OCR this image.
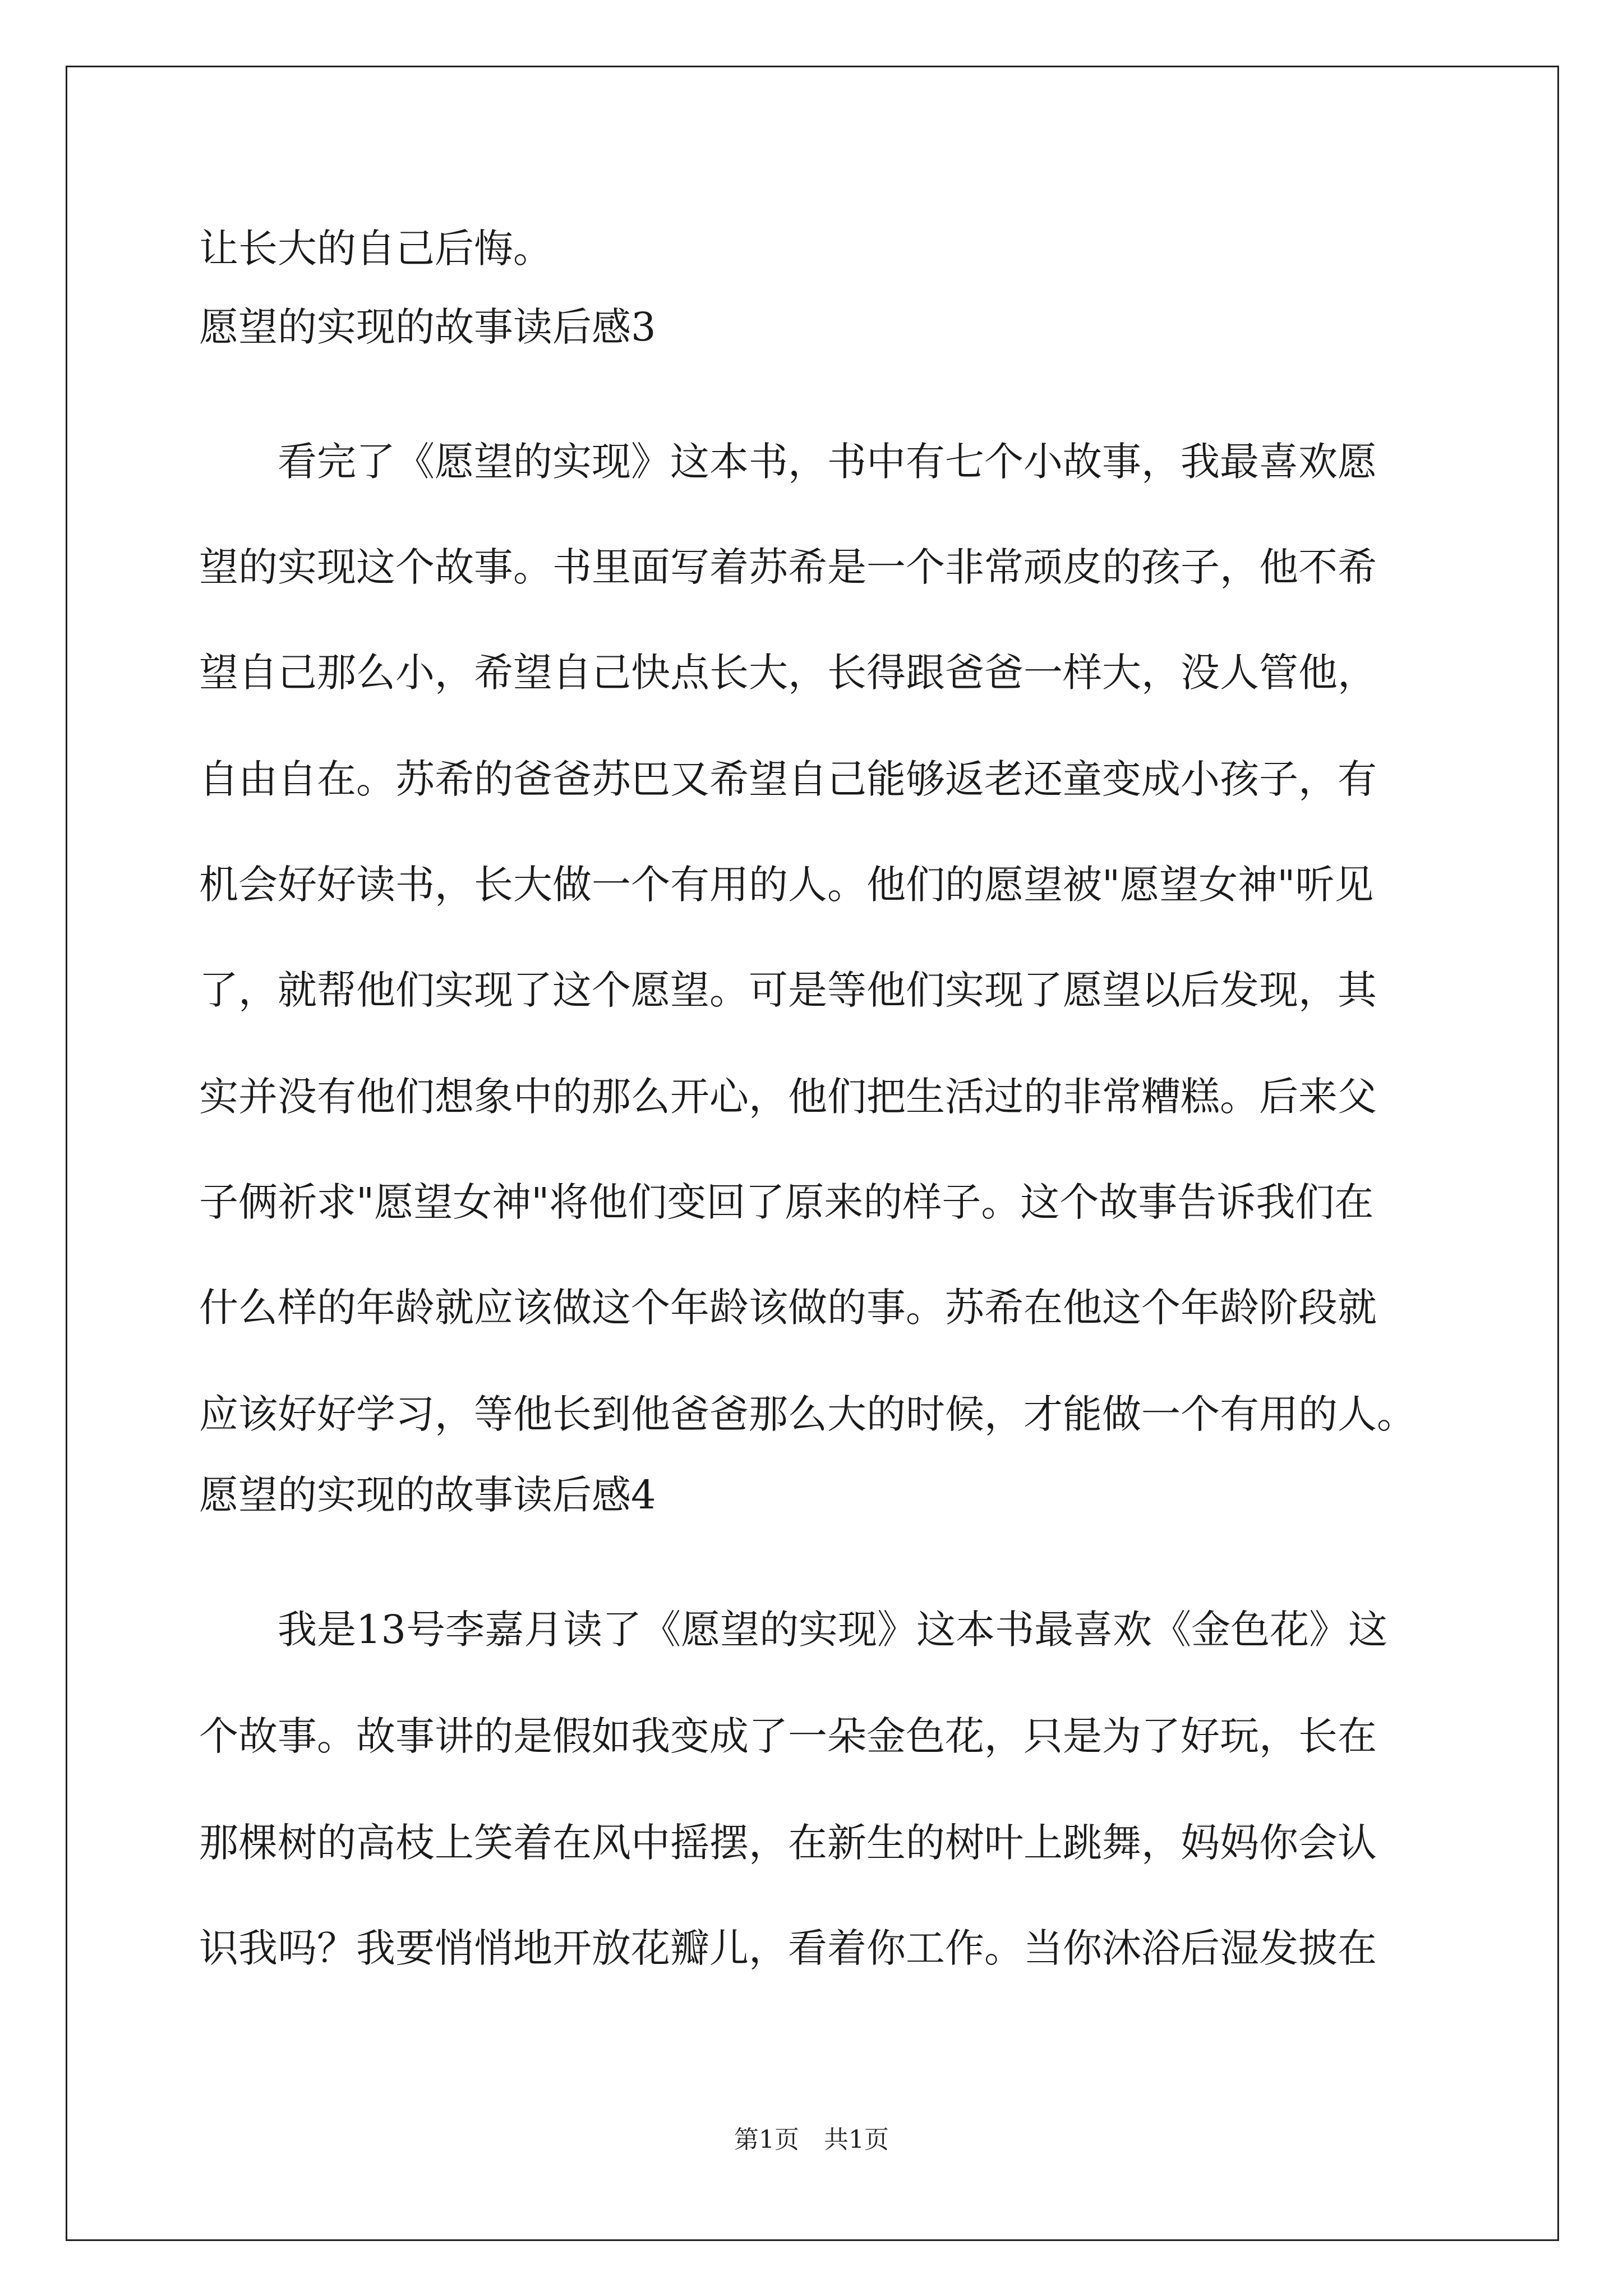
让长大的自己后悔。

愿望的实现的故事读后感3

看完了《愿望的实现》这本书，书中有七个小故事，我最喜欢愿

望的实现这个故事。书里面写着苏希是一个非常顽皮的孩子，他不希

望自己那么小，希望自己快点长大，长得跟爸爸一样大，没人管他，

自由自在。苏希的爸爸苏巴又希望自己能够返老还童变成小孩子，有

机会好好读书，长大做一个有用的人。他们的愿望被"愿望女神"听见

了，就帮他们实现了这个愿望。可是等他们实现了愿望以后发现，其

实并没有他们想象中的那么开心，他们把生活过的非常糟糕。后来父

子俩祈求"愿望女神"将他们变回了原来的样子。这个故事告诉我们在

什么样的年龄就应该做这个年龄该做的事。苏希在他这个年龄阶段就

应该好好学习，等他长到他爸爸那么大的时候，才能做一个有用的人。

愿望的实现的故事读后感4

我是13号李嘉月读了《愿望的实现》这本书最喜欢《金色花》这

个故事。故事讲的是假如我变成了一朵金色花，只是为了好玩，长在

那棵树的高枝上笑着在风中摇摆，在新生的树叶上跳舞，妈妈你会认

识我吗？我要悄悄地开放花瓣儿，看着你工作。当你沐浴后湿发披在

第1页　共1页
